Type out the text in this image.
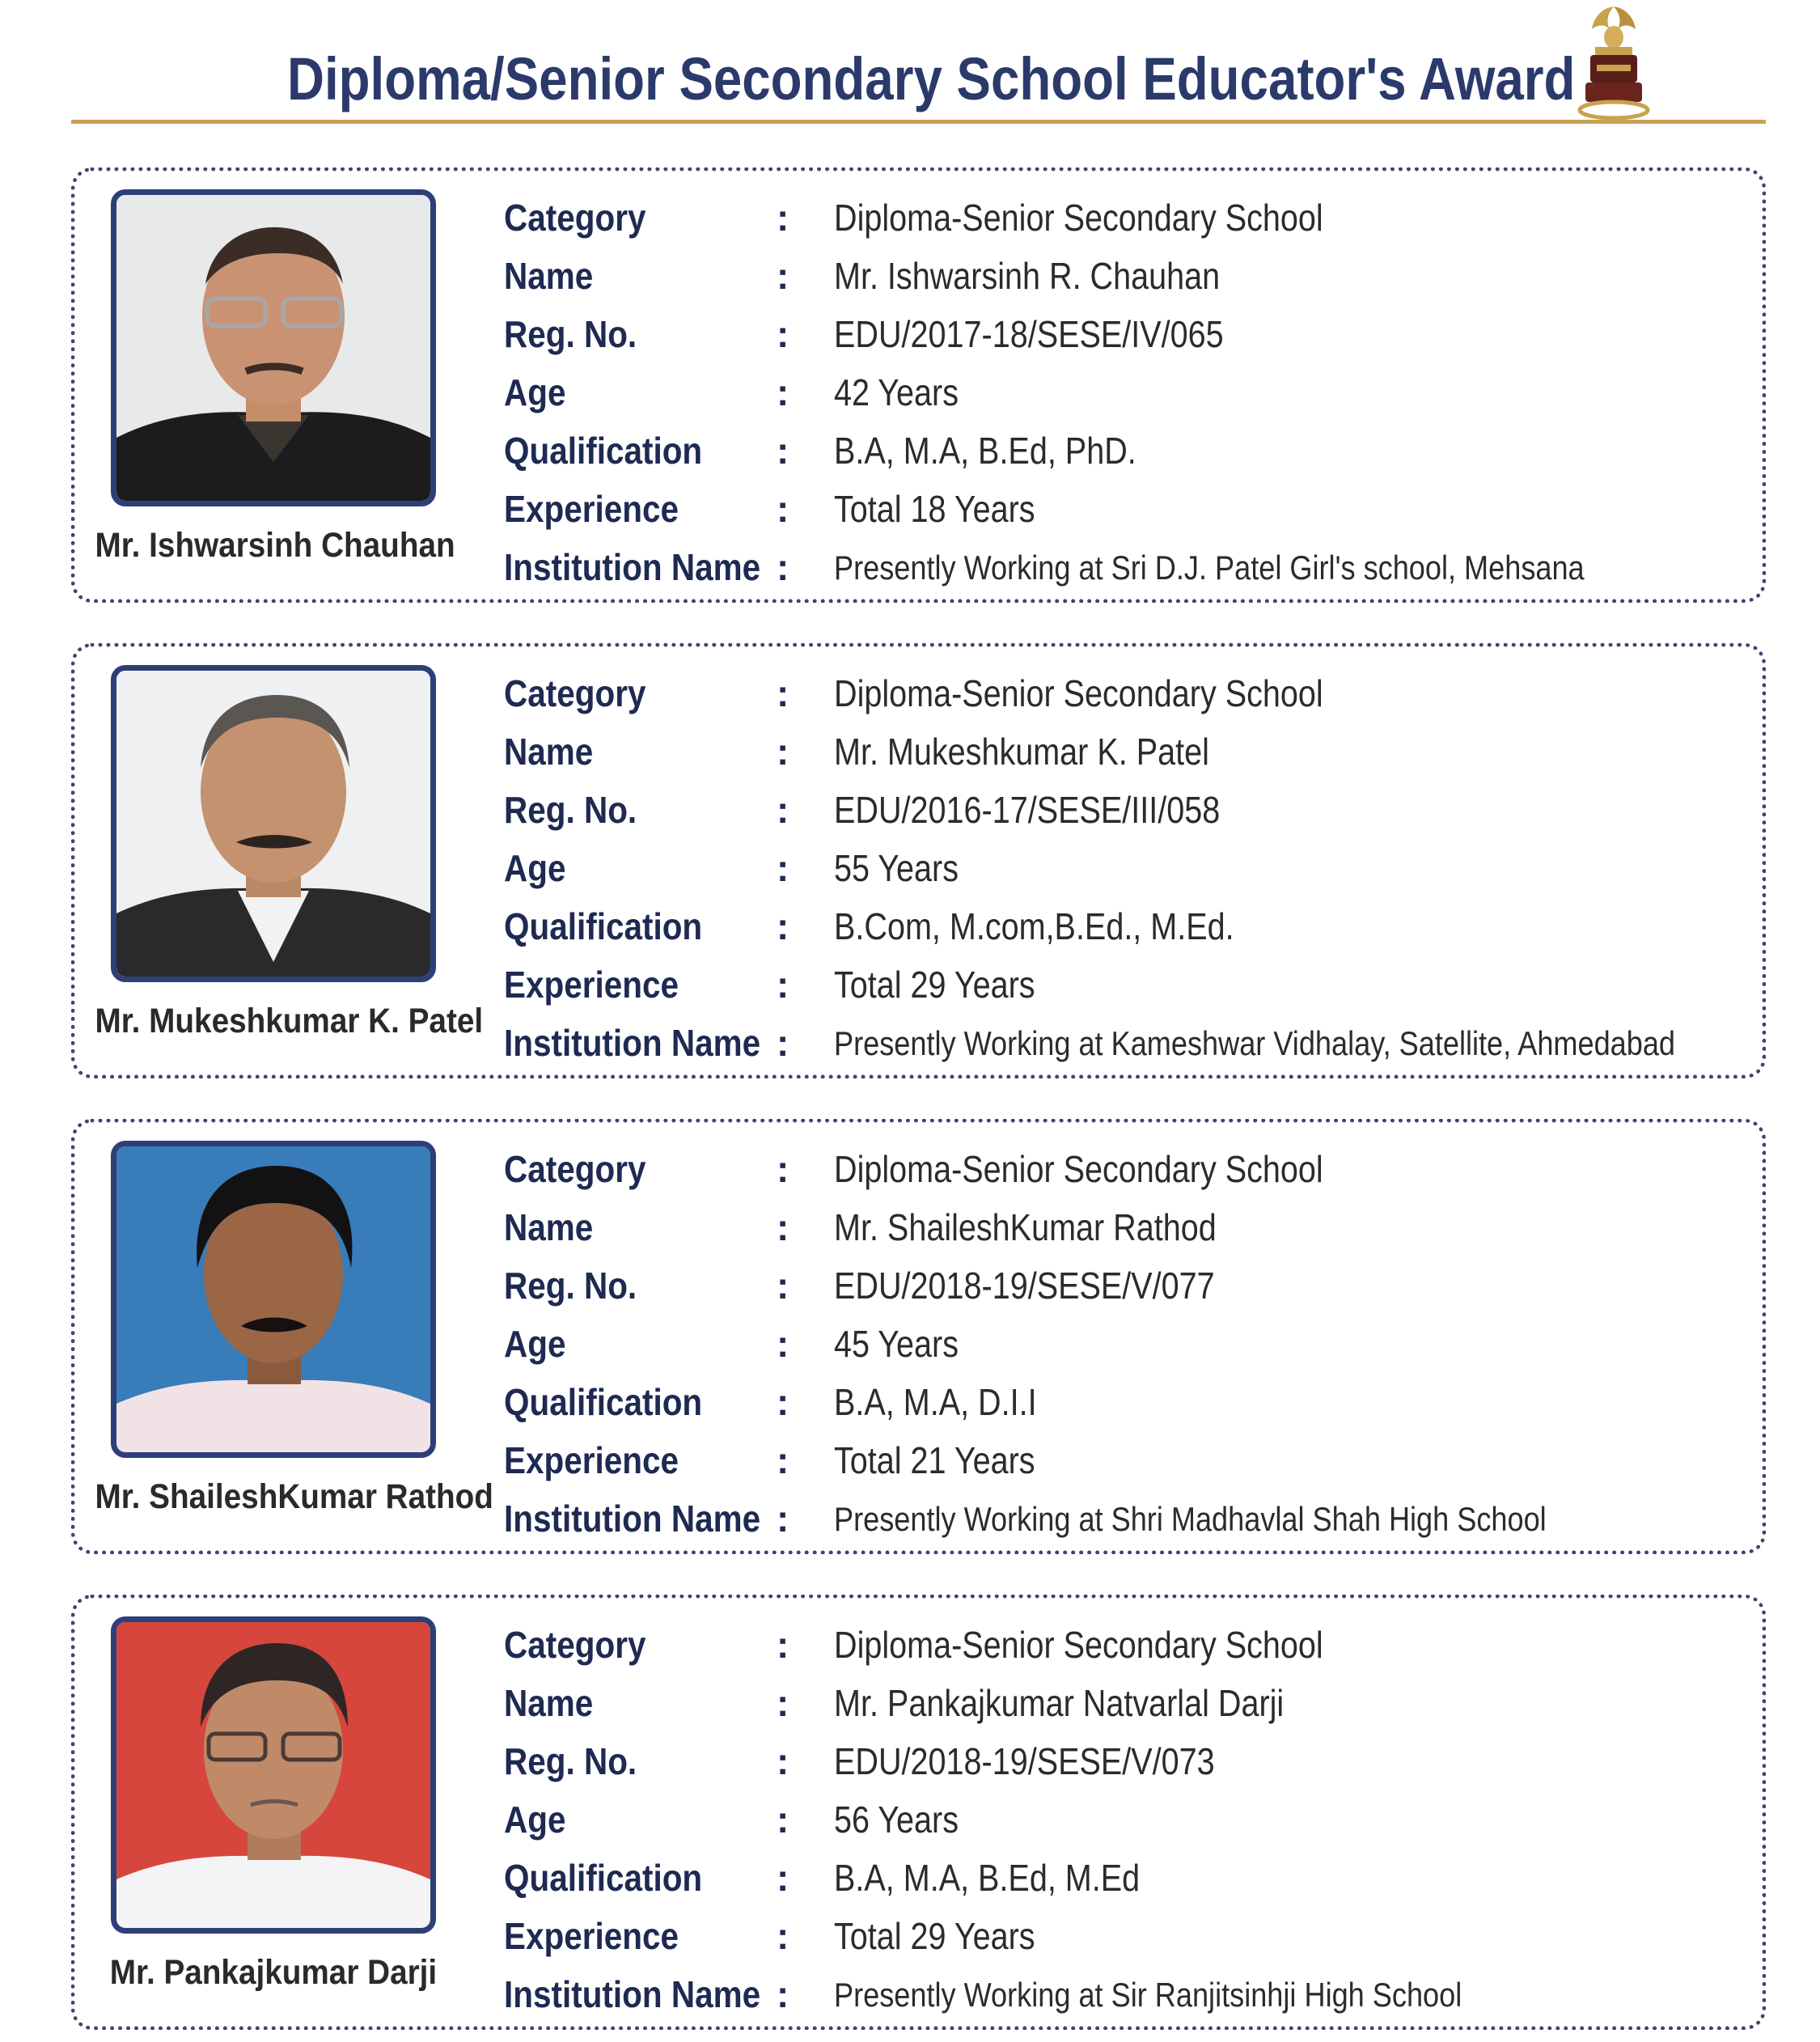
Diploma/Senior Secondary School Educator's Award
Mr. Ishwarsinh Chauhan
Category	: Diploma-Senior Secondary School
Name	: Mr. Ishwarsinh R. Chauhan
Reg. No.	: EDU/2017-18/SESE/IV/065
Age	: 42 Years
Qualification : B.A, M.A, B.Ed, PhD.
Experience	: Total 18 Years
Institution Name : Presently Working at Sri D.J. Patel Girl's school, Mehsana
Mr. Mukeshkumar K. Patel
Category	: Diploma-Senior Secondary School
Name	: Mr. Mukeshkumar K. Patel
Reg. No.	: EDU/2016-17/SESE/III/058
Age	: 55 Years
Qualification : B.Com, M.com,B.Ed., M.Ed.
Experience	: Total 29 Years
Institution Name : Presently Working at Kameshwar Vidhalay, Satellite, Ahmedabad
Mr. ShaileshKumar Rathod
Category	: Diploma-Senior Secondary School
Name	: Mr. ShaileshKumar Rathod
Reg. No.	: EDU/2018-19/SESE/V/077
Age	: 45 Years
Qualification : B.A, M.A, D.I.I
Experience	: Total 21 Years
Institution Name : Presently Working at Shri Madhavlal Shah High School
Mr. Pankajkumar Darji
Category	: Diploma-Senior Secondary School
Name	: Mr. Pankajkumar Natvarlal Darji
Reg. No.	: EDU/2018-19/SESE/V/073
Age	: 56 Years
Qualification : B.A, M.A, B.Ed, M.Ed
Experience	: Total 29 Years
Institution Name : Presently Working at Sir Ranjitsinhji High School
